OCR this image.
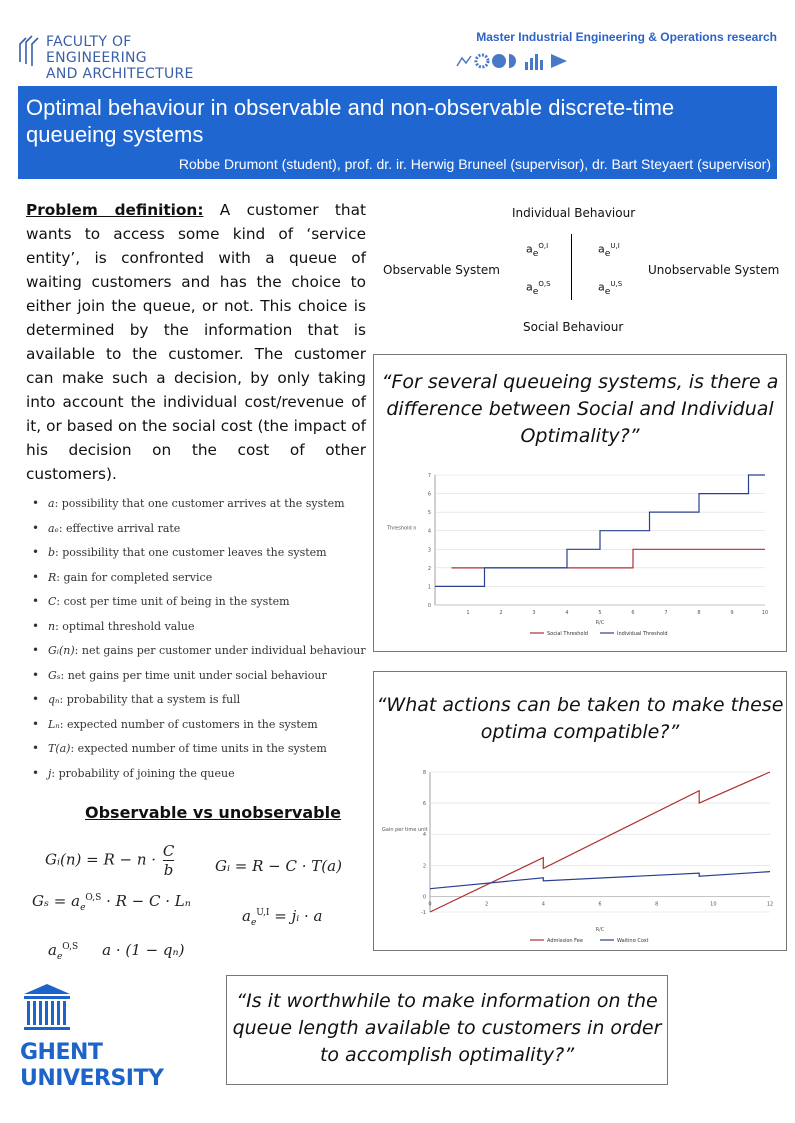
FACULTY OF ENGINEERING
AND ARCHITECTURE
Master Industrial Engineering & Operations research
Optimal behaviour in observable and non-observable discrete-time queueing systems
Robbe Drumont (student), prof. dr. ir. Herwig Bruneel (supervisor), dr. Bart Steyaert (supervisor)
Problem definition: A customer that wants to access some kind of ‘service entity’, is confronted with a queue of waiting customers and has the choice to either join the queue, or not. This choice is determined by the information that is available to the customer. The customer can make such a decision, by only taking into account the individual cost/revenue of it, or based on the social cost (the impact of his decision on the cost of other customers).
• a: possibility that one customer arrives at the system
• aₑ: effective arrival rate
• b: possibility that one customer leaves the system
• R: gain for completed service
• C: cost per time unit of being in the system
• n: optimal threshold value
• Gᵢ(n): net gains per customer under individual behaviour
• Gₛ: net gains per time unit under social behaviour
• qₙ: probability that a system is full
• Lₙ: expected number of customers in the system
• T(a): expected number of time units in the system
• j: probability of joining the queue
Observable vs unobservable
Gᵢ(n) = $R - n \cdot \frac{C}{b}$	Gᵢ = R − C · T(a)
$G_s = a_e^{O,S} \cdot R - C \cdot L_n$
$a_e^{U,I}$ = jᵢ · a
$a_e^{O,S}$ a · (1 − qₙ)
GHENT
UNIVERSITY
Individual Behaviour
Social Behaviour
Observable System	Unobservable System
$a_e^{O,I}$	$a_e^{U,I}$
$a_e^{O,S}$	$a_e^{U,S}$
“For several queueing systems, is there a difference between Social and Individual Optimality?”
0
1
2
3
4
5
6
7
1	2	3	4	5	6	7	8	9	10
Threshold n
R/C
Social Threshold	Individual Threshold
“What actions can be taken to make these optima compatible?”
-1
0
2
4
6
8
0	2	4	6	8	10	12
Gain per time unit
R/C
Admission Fee	Waiting Cost
“Is it worthwhile to make information on the queue length available to customers in order to accomplish optimality?”
